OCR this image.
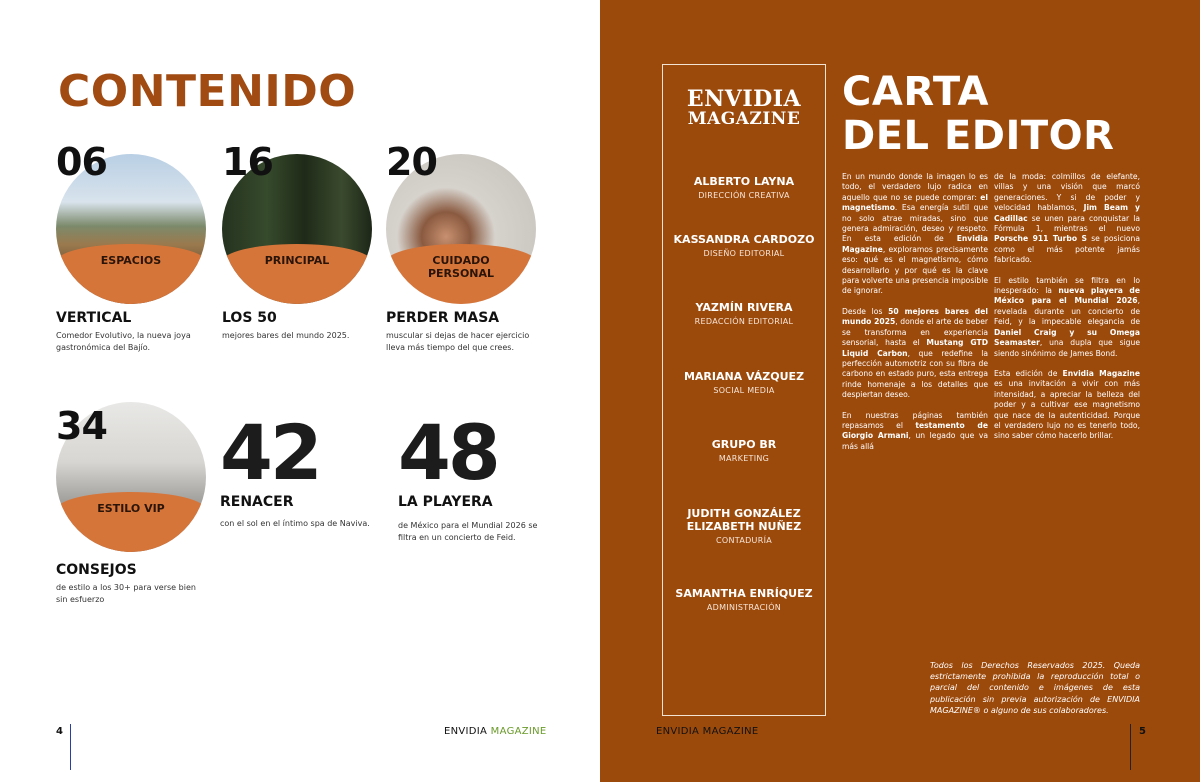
CONTENIDO
ESPACIOS
06
VERTICAL
Comedor Evolutivo, la nueva joya gastronómica del Bajío.
PRINCIPAL
16
LOS 50
mejores bares del mundo 2025.
CUIDADO PERSONAL
20
PERDER MASA
muscular si dejas de hacer ejercicio lleva más tiempo del que crees.
ESTILO VIP
34
CONSEJOS
de estilo a los 30+ para verse bien sin esfuerzo
42
RENACER
con el sol en el íntimo spa de Naviva.
48
LA PLAYERA
de México para el Mundial 2026 se filtra en un concierto de Feid.
4	ENVIDIA MAGAZINE
ENVIDIA
MAGAZINE
ALBERTO LAYNA
DIRECCIÓN CREATIVA
KASSANDRA CARDOZO
DISEÑO EDITORIAL
YAZMÍN RIVERA
REDACCIÓN EDITORIAL
MARIANA VÁZQUEZ
SOCIAL MEDIA
GRUPO BR
MARKETING
JUDITH GONZÁLEZ ELIZABETH NUÑEZ
CONTADURÍA
SAMANTHA ENRÍQUEZ
ADMINISTRACIÓN
CARTA
DEL EDITOR

En un mundo donde la imagen lo es todo, el verdadero lujo radica en aquello que no se puede comprar: el magnetismo. Esa energía sutil que no solo atrae miradas, sino que genera admiración, deseo y respeto. En esta edición de Envidia Magazine, exploramos precisamente eso: qué es el magnetismo, cómo desarrollarlo y por qué es la clave para volverte una presencia imposible de ignorar.

Desde los 50 mejores bares del mundo 2025, donde el arte de beber se transforma en experiencia sensorial, hasta el Mustang GTD Liquid Carbon, que redefine la perfección automotriz con su fibra de carbono en estado puro, esta entrega rinde homenaje a los detalles que despiertan deseo.

En nuestras páginas también repasamos el testamento de Giorgio Armani, un legado que va más allá

de la moda: colmillos de elefante, villas y una visión que marcó generaciones. Y si de poder y velocidad hablamos, Jim Beam y Cadillac se unen para conquistar la Fórmula 1, mientras el nuevo Porsche 911 Turbo S se posiciona como el más potente jamás fabricado.

El estilo también se filtra en lo inesperado: la nueva playera de México para el Mundial 2026, revelada durante un concierto de Feid, y la impecable elegancia de Daniel Craig y su Omega Seamaster, una dupla que sigue siendo sinónimo de James Bond.

Esta edición de Envidia Magazine es una invitación a vivir con más intensidad, a apreciar la belleza del poder y a cultivar ese magnetismo que nace de la autenticidad. Porque el verdadero lujo no es tenerlo todo, sino saber cómo hacerlo brillar.

Todos los Derechos Reservados 2025. Queda estrictamente prohibida la reproducción total o parcial del contenido e imágenes de esta publicación sin previa autorización de ENVIDIA MAGAZINE® o alguno de sus colaboradores.
ENVIDIA MAGAZINE	5
